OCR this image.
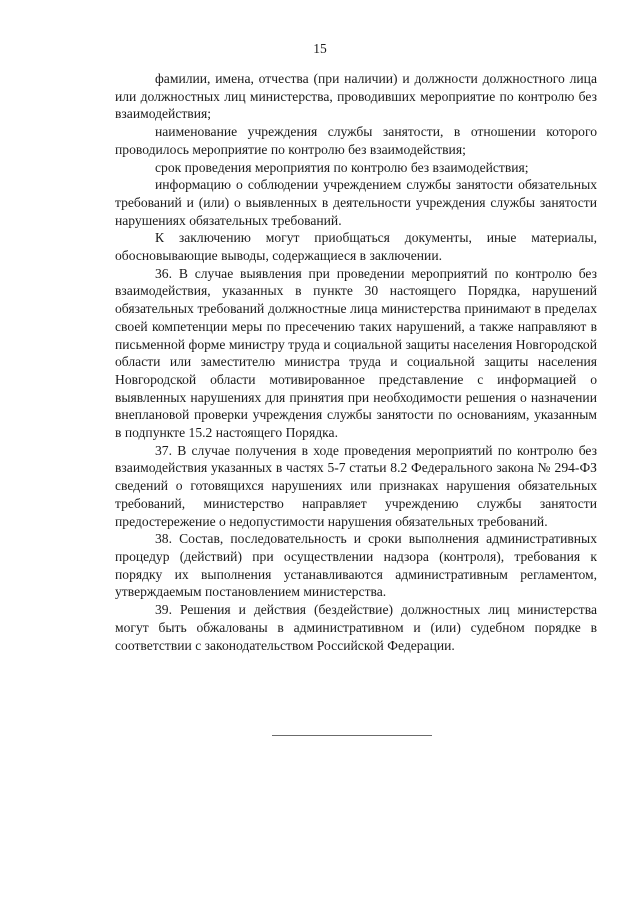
15

фамилии, имена, отчества (при наличии) и должности должностного лица или должностных лиц министерства, проводивших мероприятие по контролю без взаимодействия;

наименование учреждения службы занятости, в отношении которого проводилось мероприятие по контролю без взаимодействия;

срок проведения мероприятия по контролю без взаимодействия;

информацию о соблюдении учреждением службы занятости обязательных требований и (или) о выявленных в деятельности учреждения службы занятости нарушениях обязательных требований.

К заключению могут приобщаться документы, иные материалы, обосновывающие выводы, содержащиеся в заключении.

36. В случае выявления при проведении мероприятий по контролю без взаимодействия, указанных в пункте 30 настоящего Порядка, нарушений обязательных требований должностные лица министерства принимают в пределах своей компетенции меры по пресечению таких нарушений, а также направляют в письменной форме министру труда и социальной защиты населения Новгородской области или заместителю министра труда и социальной защиты населения Новгородской области мотивированное представление с информацией о выявленных нарушениях для принятия при необходимости решения о назначении внеплановой проверки учреждения службы занятости по основаниям, указанным в подпункте 15.2 настоящего Порядка.

37. В случае получения в ходе проведения мероприятий по контролю без взаимодействия указанных в частях 5-7 статьи 8.2 Федерального закона № 294-ФЗ сведений о готовящихся нарушениях или признаках нарушения обязательных требований, министерство направляет учреждению службы занятости предостережение о недопустимости нарушения обязательных требований.

38. Состав, последовательность и сроки выполнения административных процедур (действий) при осуществлении надзора (контроля), требования к порядку их выполнения устанавливаются административным регламентом, утверждаемым постановлением министерства.

39. Решения и действия (бездействие) должностных лиц министерства могут быть обжалованы в административном и (или) судебном порядке в соответствии с законодательством Российской Федерации.
